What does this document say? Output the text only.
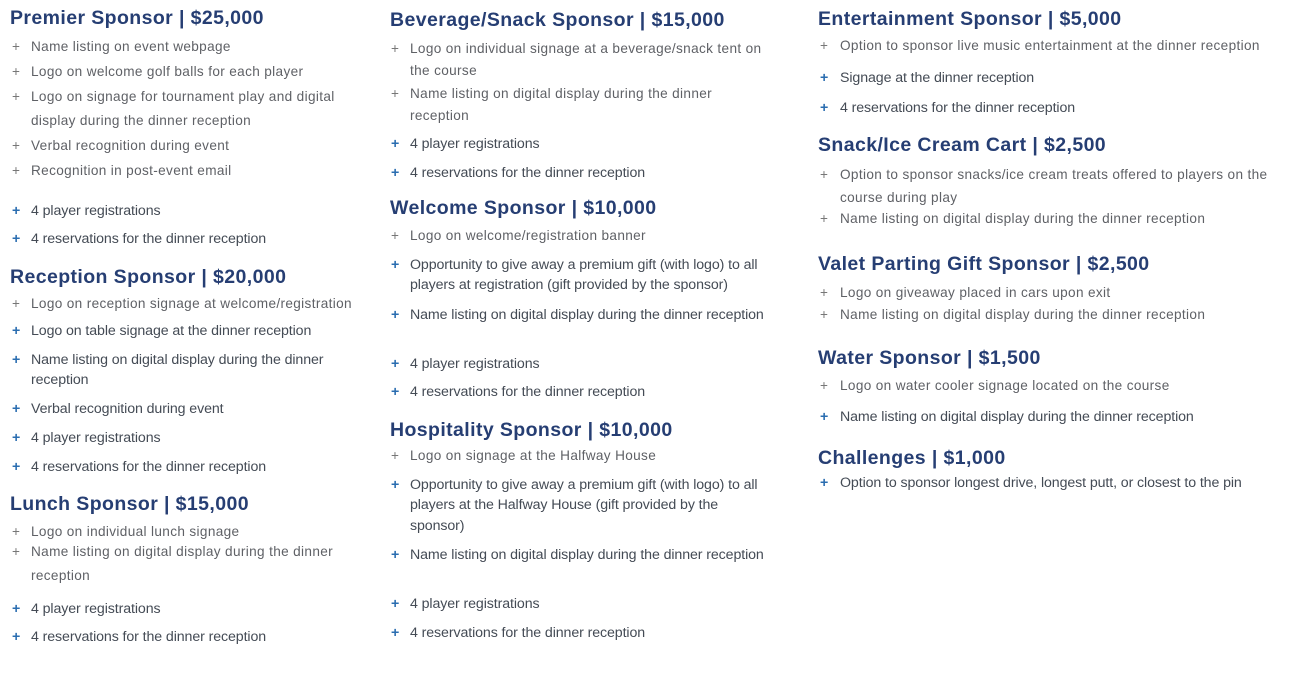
Premier Sponsor | $25,000
+ Name listing on event webpage
+ Logo on welcome golf balls for each player
+ Logo on signage for tournament play and digital display during the dinner reception
+ Verbal recognition during event
+ Recognition in post-event email
+ 4 player registrations
+ 4 reservations for the dinner reception
Reception Sponsor | $20,000
+ Logo on reception signage at welcome/registration
+ Logo on table signage at the dinner reception
+ Name listing on digital display during the dinner reception
+ Verbal recognition during event
+ 4 player registrations
+ 4 reservations for the dinner reception
Lunch Sponsor | $15,000
+ Logo on individual lunch signage
+ Name listing on digital display during the dinner reception
+ 4 player registrations
+ 4 reservations for the dinner reception
Beverage/Snack Sponsor | $15,000
+ Logo on individual signage at a beverage/snack tent on the course
+ Name listing on digital display during the dinner reception
+ 4 player registrations
+ 4 reservations for the dinner reception
Welcome Sponsor | $10,000
+ Logo on welcome/registration banner
+ Opportunity to give away a premium gift (with logo) to all players at registration (gift provided by the sponsor)
+ Name listing on digital display during the dinner reception
+ 4 player registrations
+ 4 reservations for the dinner reception
Hospitality Sponsor | $10,000
+ Logo on signage at the Halfway House
+ Opportunity to give away a premium gift (with logo) to all players at the Halfway House (gift provided by the sponsor)
+ Name listing on digital display during the dinner reception
+ 4 player registrations
+ 4 reservations for the dinner reception
Entertainment Sponsor | $5,000
+ Option to sponsor live music entertainment at the dinner reception
+ Signage at the dinner reception
+ 4 reservations for the dinner reception
Snack/Ice Cream Cart | $2,500
+ Option to sponsor snacks/ice cream treats offered to players on the course during play
+ Name listing on digital display during the dinner reception
Valet Parting Gift Sponsor | $2,500
+ Logo on giveaway placed in cars upon exit
+ Name listing on digital display during the dinner reception
Water Sponsor | $1,500
+ Logo on water cooler signage located on the course
+ Name listing on digital display during the dinner reception
Challenges | $1,000
+ Option to sponsor longest drive, longest putt, or closest to the pin
